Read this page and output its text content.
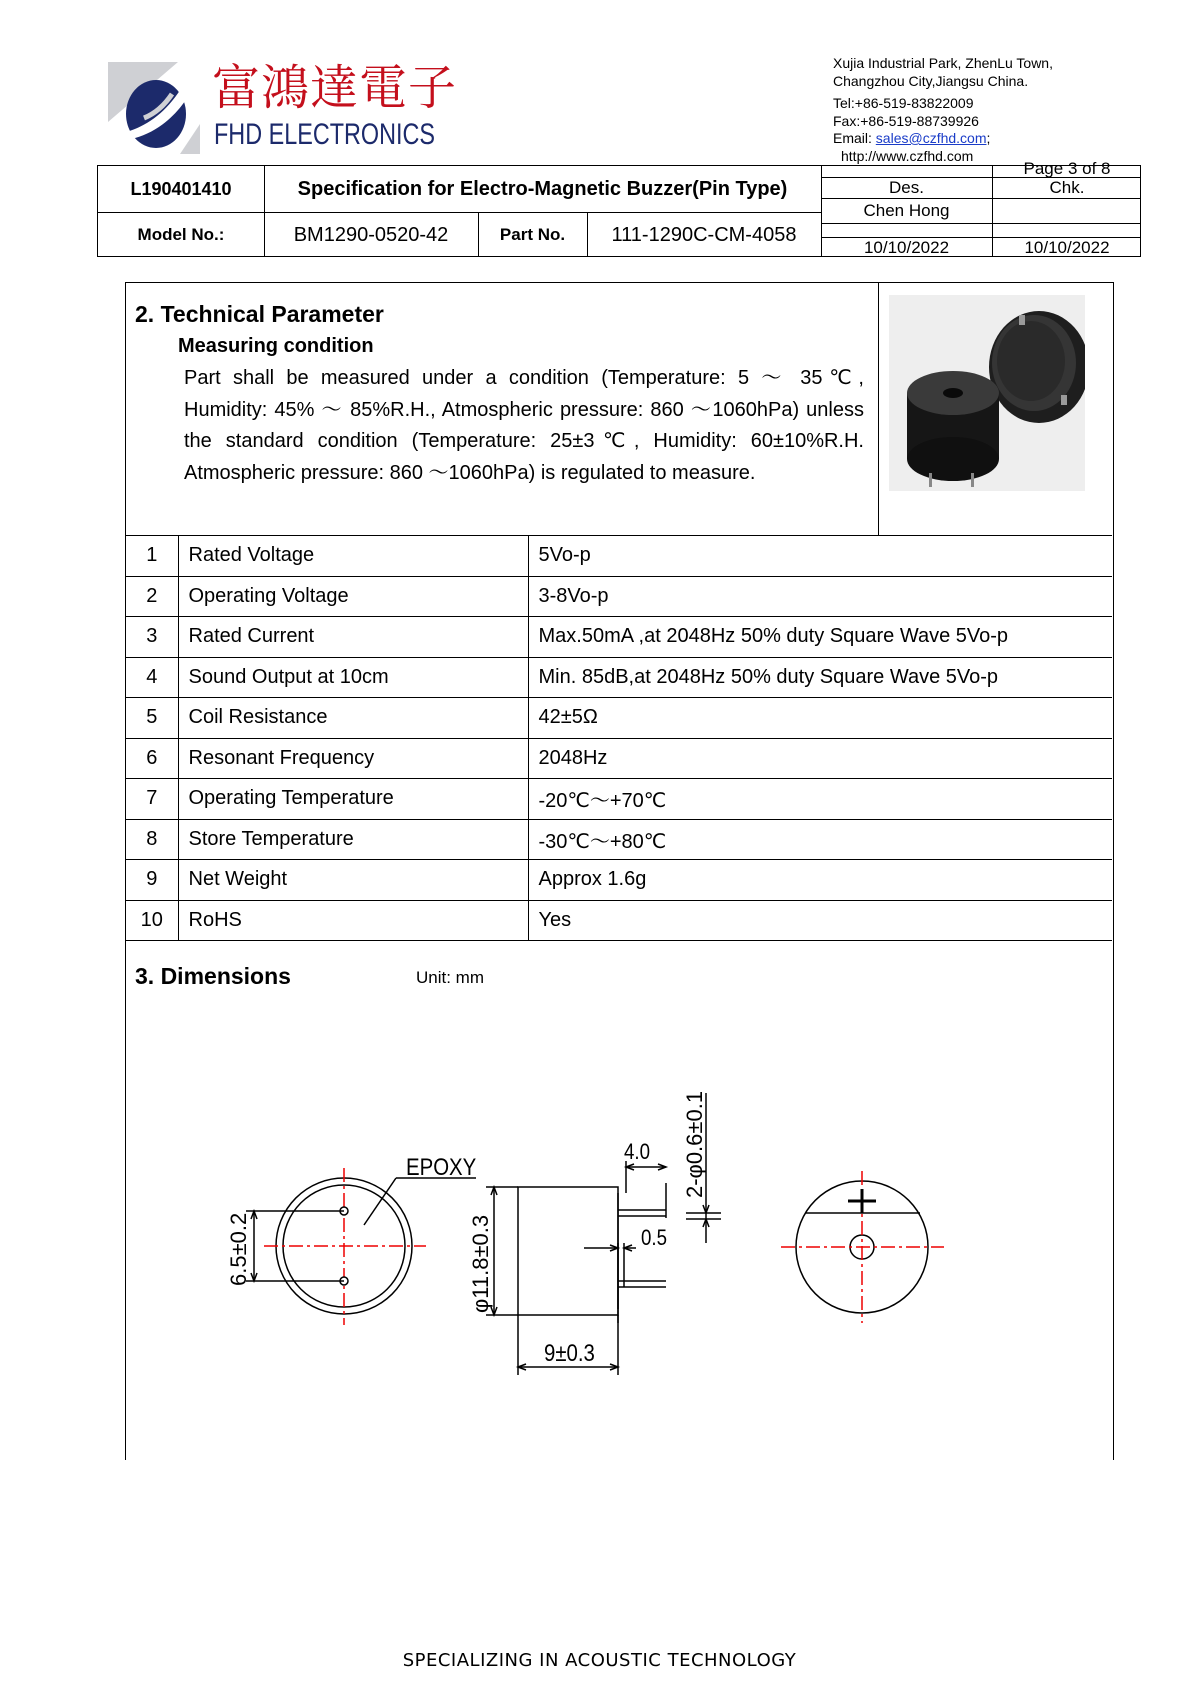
富鴻達電子
FHD ELECTRONICS
Xujia Industrial Park, ZhenLu Town,
Changzhou City,Jiangsu China.
Tel:+86-519-83822009
Fax:+86-519-88739926
Email: sales@czfhd.com;
http://www.czfhd.com
L190401410	Specification for Electro-Magnetic Buzzer(Pin Type)
Page 3 of 8
Des.	Chk.
Model No.:	BM1290-0520-42	Part No.	111-1290C-CM-4058
Chen Hong
10/10/2022	10/10/2022
2. Technical Parameter
Measuring condition
Part shall be measured under a condition (Temperature: 5 ～ 35℃, Humidity: 45% ～ 85%R.H., Atmospheric pressure: 860 ～1060hPa) unless the standard condition (Temperature: 25±3℃, Humidity: 60±10%R.H. Atmospheric pressure: 860 ～1060hPa) is regulated to measure.
1	Rated Voltage	5Vo-p
2	Operating Voltage	3-8Vo-p
3	Rated Current	Max.50mA ,at 2048Hz 50% duty Square Wave 5Vo-p
4	Sound Output at 10cm	Min. 85dB,at 2048Hz 50% duty Square Wave 5Vo-p
5	Coil Resistance	42±5Ω
6	Resonant Frequency	2048Hz
7	Operating Temperature	-20℃～+70℃
8	Store Temperature	-30℃～+80℃
9	Net Weight	Approx 1.6g
10	RoHS	Yes
3. Dimensions	Unit: mm
EPOXY
6.5±0.2
4.0
0.5
9±0.3
φ11.8±0.3
2-φ0.6±0.1
SPECIALIZING IN ACOUSTIC TECHNOLOGY
